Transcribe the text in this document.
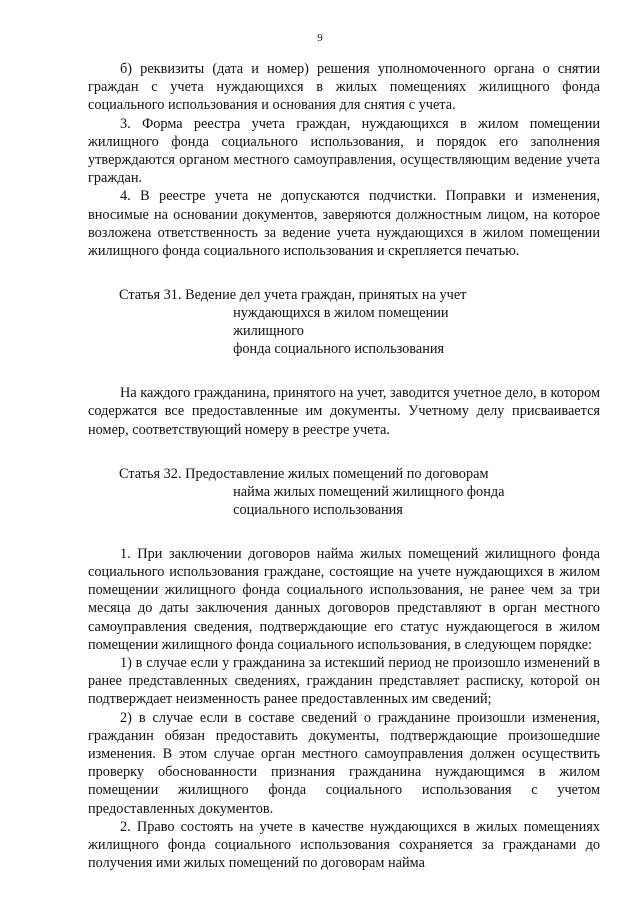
9

б) реквизиты (дата и номер) решения уполномоченного органа о снятии граждан с учета нуждающихся в жилых помещениях жилищного фонда социального использования и основания для снятия с учета.

3. Форма реестра учета граждан, нуждающихся в жилом помещении жилищного фонда социального использования, и порядок его заполнения утверждаются органом местного самоуправления, осуществляющим ведение учета граждан.

4. В реестре учета не допускаются подчистки. Поправки и изменения, вносимые на основании документов, заверяются должностным лицом, на которое возложена ответственность за ведение учета нуждающихся в жилом помещении жилищного фонда социального использования и скрепляется печатью.

Статья 31.
Ведение дел учета граждан, принятых на учет
нуждающихся в жилом помещении жилищного
фонда социального использования

На каждого гражданина, принятого на учет, заводится учетное дело, в котором содержатся все предоставленные им документы. Учетному делу присваивается номер, соответствующий номеру в реестре учета.

Статья 32.
Предоставление жилых помещений по договорам
найма жилых помещений жилищного фонда
социального использования

1. При заключении договоров найма жилых помещений жилищного фонда социального использования граждане, состоящие на учете нуждающихся в жилом помещении жилищного фонда социального использования, не ранее чем за три месяца до даты заключения данных договоров представляют в орган местного самоуправления сведения, подтверждающие его статус нуждающегося в жилом помещении жилищного фонда социального использования, в следующем порядке:

1) в случае если у гражданина за истекший период не произошло изменений в ранее представленных сведениях, гражданин представляет расписку, которой он подтверждает неизменность ранее предоставленных им сведений;

2) в случае если в составе сведений о гражданине произошли изменения, гражданин обязан предоставить документы, подтверждающие произошедшие изменения. В этом случае орган местного самоуправления должен осуществить проверку обоснованности признания гражданина нуждающимся в жилом помещении жилищного фонда социального использования с учетом предоставленных документов.

2. Право состоять на учете в качестве нуждающихся в жилых помещениях жилищного фонда социального использования сохраняется за гражданами до получения ими жилых помещений по договорам найма
